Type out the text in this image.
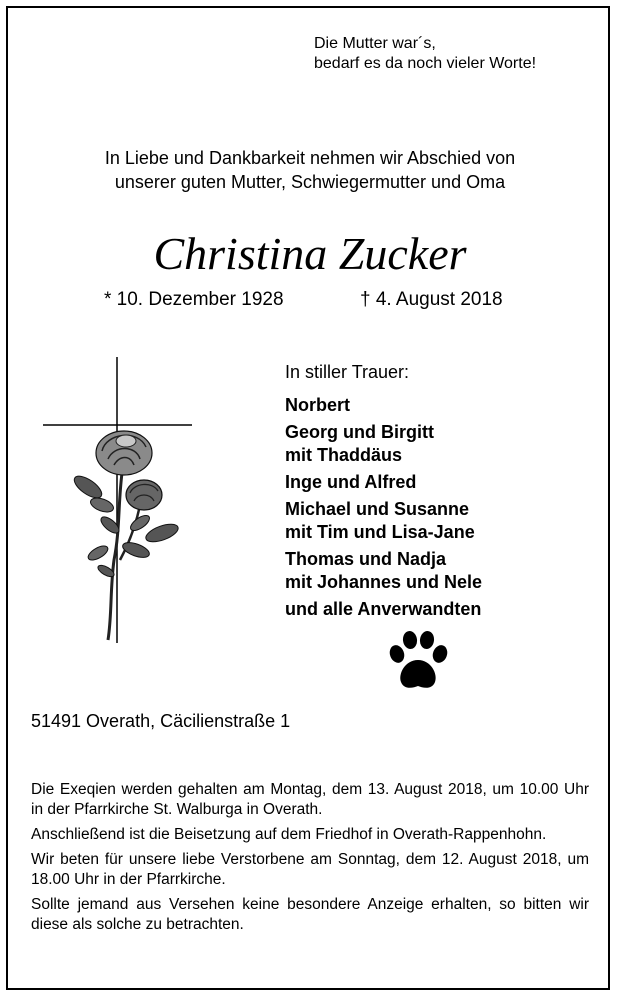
Die Mutter war´s,
bedarf es da noch vieler Worte!
In Liebe und Dankbarkeit nehmen wir Abschied von
unserer guten Mutter, Schwiegermutter und Oma
Christina Zucker
* 10. Dezember 1928	† 4. August 2018
In stiller Trauer:
Norbert
Georg und Birgitt
mit Thaddäus
Inge und Alfred
Michael und Susanne
mit Tim und Lisa-Jane
Thomas und Nadja
mit Johannes und Nele
und alle Anverwandten
51491 Overath, Cäcilienstraße 1

Die Exeqien werden gehalten am Montag, dem 13. August 2018, um 10.00 Uhr in der Pfarrkirche St. Walburga in Overath.

Anschließend ist die Beisetzung auf dem Friedhof in Overath-Rappenhohn.

Wir beten für unsere liebe Verstorbene am Sonntag, dem 12. August 2018, um 18.00 Uhr in der Pfarrkirche.

Sollte jemand aus Versehen keine besondere Anzeige erhalten, so bitten wir diese als solche zu betrachten.
